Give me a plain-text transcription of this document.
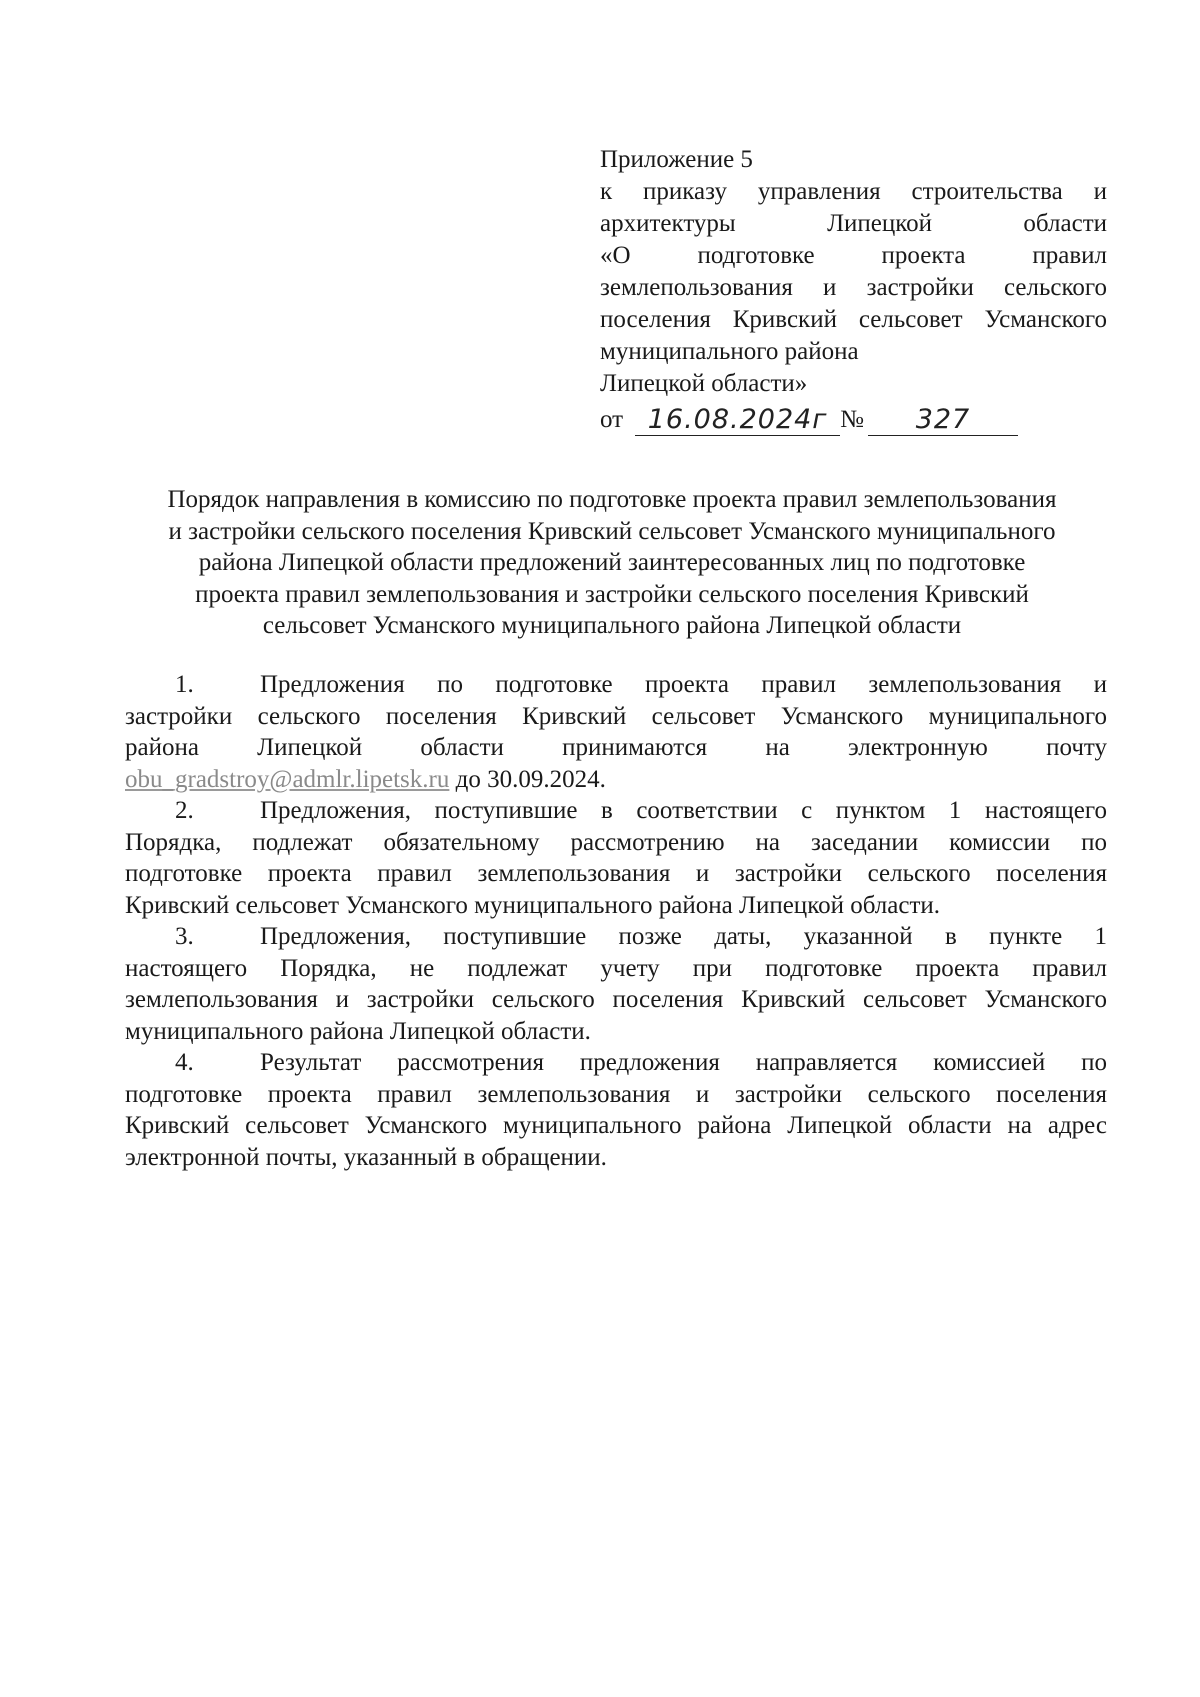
Приложение 5
к приказу управления строительства и
архитектуры Липецкой области
«О подготовке проекта правил
землепользования и застройки сельского
поселения Кривский сельсовет Усманского
муниципального района
Липецкой области»
от 16.08.2024г №	327
Порядок направления в комиссию по подготовке проекта правил землепользования
и застройки сельского поселения Кривский сельсовет Усманского муниципального
района Липецкой области предложений заинтересованных лиц по подготовке
проекта правил землепользования и застройки сельского поселения Кривский
сельсовет Усманского муниципального района Липецкой области
1.	Предложения по подготовке проекта правил землепользования и
застройки сельского поселения Кривский сельсовет Усманского муниципального
района Липецкой области принимаются на электронную почту
obu_gradstroy@admlr.lipetsk.ru до 30.09.2024.
2.	Предложения, поступившие в соответствии с пунктом 1 настоящего
Порядка, подлежат обязательному рассмотрению на заседании комиссии по
подготовке проекта правил землепользования и застройки сельского поселения
Кривский сельсовет Усманского муниципального района Липецкой области.
3.	Предложения, поступившие позже даты, указанной в пункте 1
настоящего Порядка, не подлежат учету при подготовке проекта правил
землепользования и застройки сельского поселения Кривский сельсовет Усманского
муниципального района Липецкой области.
4.	Результат рассмотрения предложения направляется комиссией по
подготовке проекта правил землепользования и застройки сельского поселения
Кривский сельсовет Усманского муниципального района Липецкой области на адрес
электронной почты, указанный в обращении.
